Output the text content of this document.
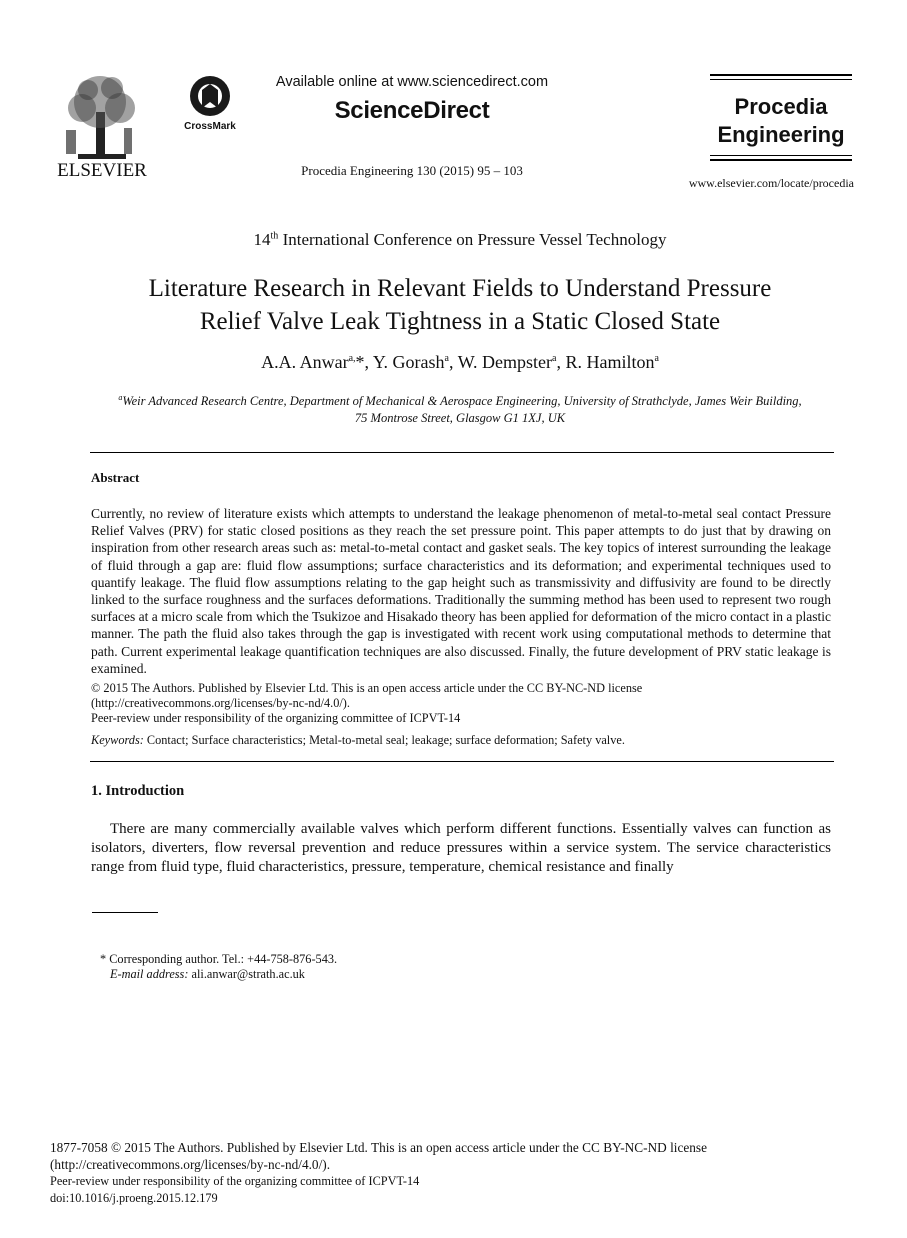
ELSEVIER
CrossMark
Available online at www.sciencedirect.com
ScienceDirect
Procedia Engineering 130 (2015) 95 – 103
Procedia
Engineering
www.elsevier.com/locate/procedia
14th International Conference on Pressure Vessel Technology
Literature Research in Relevant Fields to Understand Pressure
Relief Valve Leak Tightness in a Static Closed State
A.A. Anwar$^{a,}$*, Y. Gorash$^a$, W. Dempster$^a$, R. Hamilton$^a$
$^a$Weir Advanced Research Centre, Department of Mechanical & Aerospace Engineering, University of Strathclyde, James Weir Building,
75 Montrose Street, Glasgow G1 1XJ, UK
Abstract
Currently, no review of literature exists which attempts to understand the leakage phenomenon of metal-to-metal seal contact Pressure Relief Valves (PRV) for static closed positions as they reach the set pressure point. This paper attempts to do just that by drawing on inspiration from other research areas such as: metal-to-metal contact and gasket seals. The key topics of interest surrounding the leakage of fluid through a gap are: fluid flow assumptions; surface characteristics and its deformation; and experimental techniques used to quantify leakage. The fluid flow assumptions relating to the gap height such as transmissivity and diffusivity are found to be directly linked to the surface roughness and the surfaces deformations. Traditionally the summing method has been used to represent two rough surfaces at a micro scale from which the Tsukizoe and Hisakado theory has been applied for deformation of the micro contact in a plastic manner. The path the fluid also takes through the gap is investigated with recent work using computational methods to determine that path. Current experimental leakage quantification techniques are also discussed. Finally, the future development of PRV static leakage is examined.
© 2015 The Authors. Published by Elsevier Ltd. This is an open access article under the CC BY-NC-ND license
(http://creativecommons.org/licenses/by-nc-nd/4.0/).
Peer-review under responsibility of the organizing committee of ICPVT-14
Keywords: Contact; Surface characteristics; Metal-to-metal seal; leakage; surface deformation; Safety valve.
1. Introduction
There are many commercially available valves which perform different functions. Essentially valves can function as isolators, diverters, flow reversal prevention and reduce pressures within a service system. The service characteristics range from fluid type, fluid characteristics, pressure, temperature, chemical resistance and finally
* Corresponding author. Tel.: +44-758-876-543.
E-mail address: ali.anwar@strath.ac.uk
1877-7058 © 2015 The Authors. Published by Elsevier Ltd. This is an open access article under the CC BY-NC-ND license
(http://creativecommons.org/licenses/by-nc-nd/4.0/).
Peer-review under responsibility of the organizing committee of ICPVT-14
doi:10.1016/j.proeng.2015.12.179
